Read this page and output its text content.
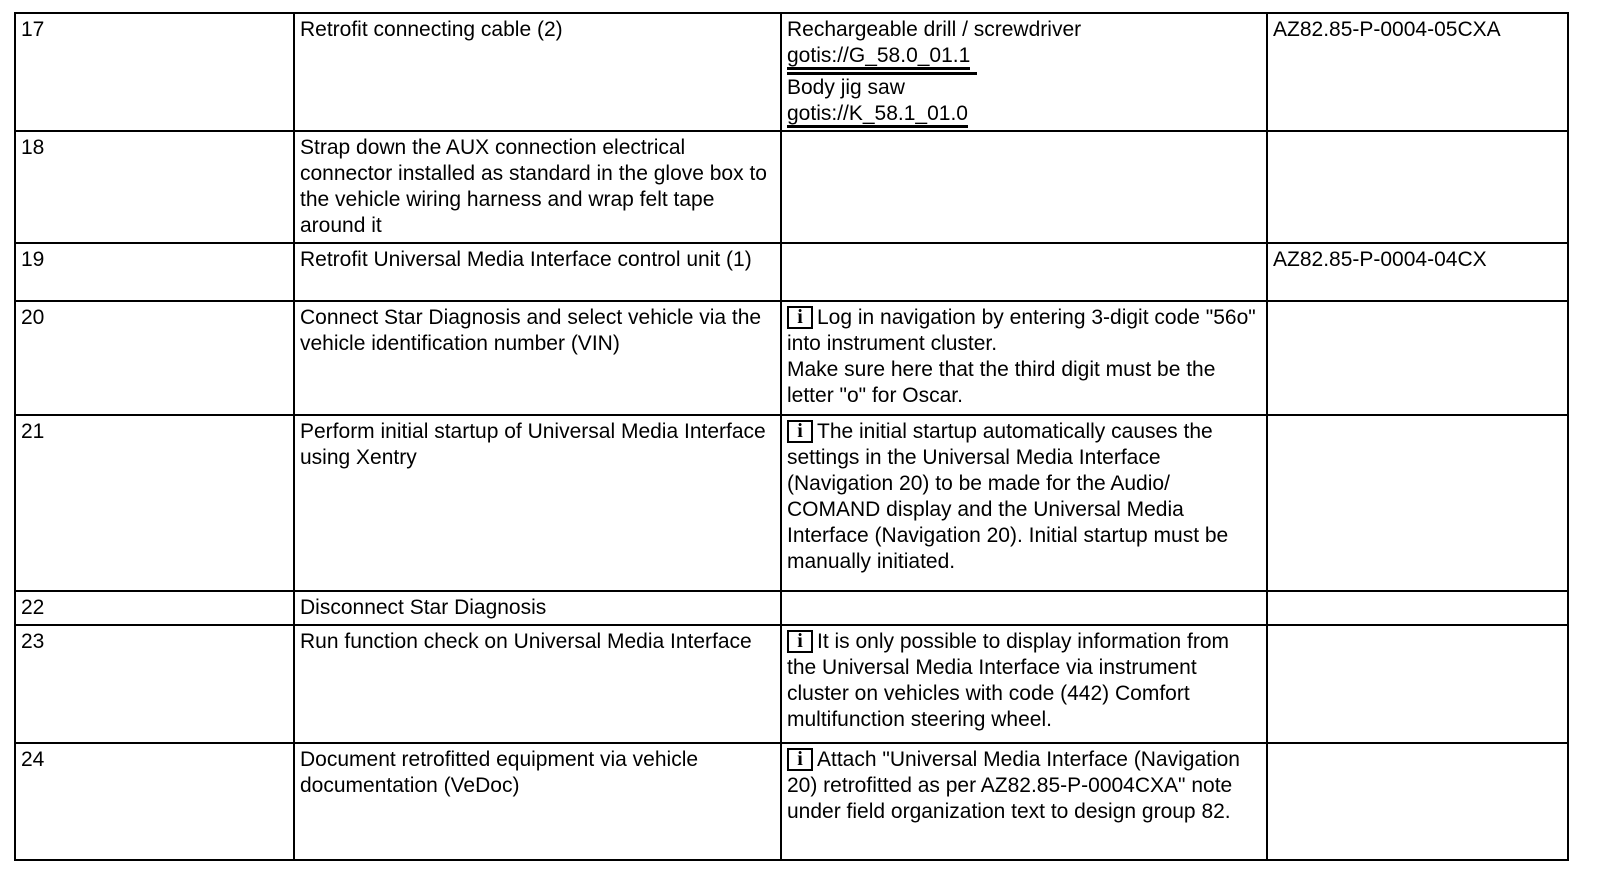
17	Retrofit connecting cable (2)	Rechargeable drill / screwdriver
gotis://G_58.0_01.1
Body jig saw
gotis://K_58.1_01.0	AZ82.85-P-0004-05CXA
18	Strap down the AUX connection electrical connector installed as standard in the glove box to the vehicle wiring harness and wrap felt tape around it		
19	Retrofit Universal Media Interface control unit (1)		AZ82.85-P-0004-04CX
20	Connect Star Diagnosis and select vehicle via the vehicle identification number (VIN)	i Log in navigation by entering 3-digit code "56o" into instrument cluster.
Make sure here that the third digit must be the letter "o" for Oscar.	

21	Perform initial startup of Universal Media Interface using Xentry	i The initial startup automatically causes the settings in the Universal Media Interface (Navigation 20) to be made for the Audio/ COMAND display and the Universal Media Interface (Navigation 20). Initial startup must be manually initiated.	
22	Disconnect Star Diagnosis		
23	Run function check on Universal Media Interface	i It is only possible to display information from the Universal Media Interface via instrument cluster on vehicles with code (442) Comfort multifunction steering wheel.	
24	Document retrofitted equipment via vehicle documentation (VeDoc)	i Attach "Universal Media Interface (Navigation 20) retrofitted as per AZ82.85-P-0004CXA" note under field organization text to design group 82.	
